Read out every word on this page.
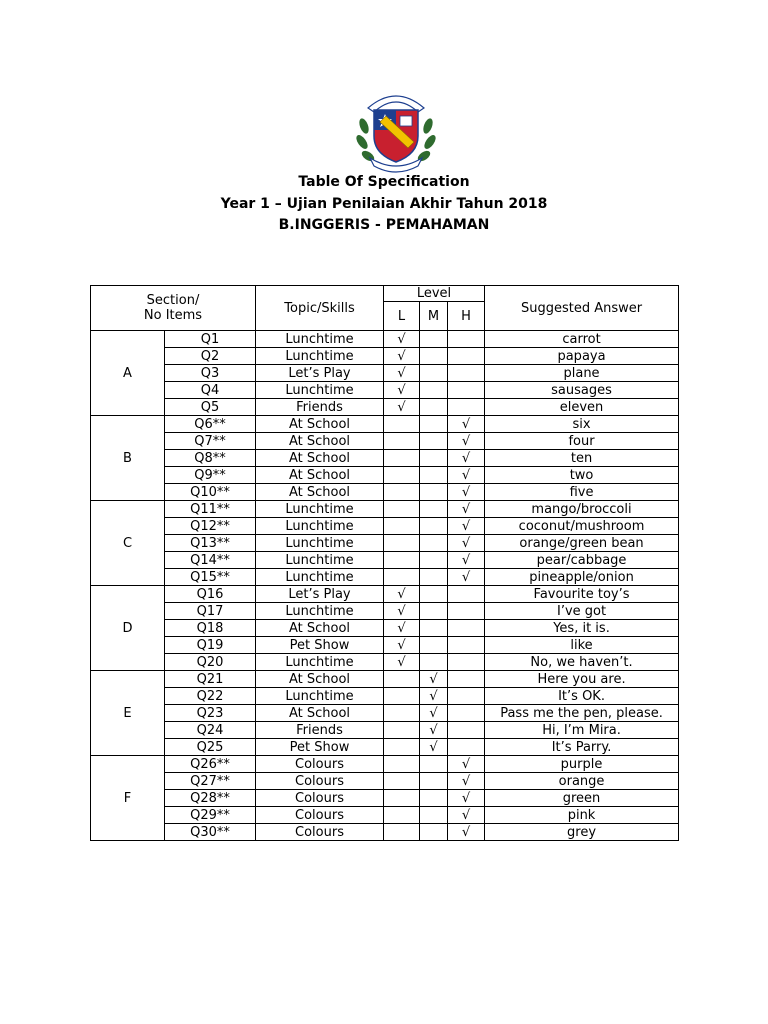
Table Of Specification
Year 1 – Ujian Penilaian Akhir Tahun 2018
B.INGGERIS - PEMAHAMAN
Section/
No Items		Topic/Skills	Level			Suggested Answer
			L	M	H	
A	Q1	Lunchtime	√			carrot
	Q2	Lunchtime	√			papaya
	Q3	Let’s Play	√			plane
	Q4	Lunchtime	√			sausages
	Q5	Friends	√			eleven
B	Q6**	At School			√	six
	Q7**	At School			√	four
	Q8**	At School			√	ten
	Q9**	At School			√	two
	Q10**	At School			√	five
C	Q11**	Lunchtime			√	mango/broccoli
	Q12**	Lunchtime			√	coconut/mushroom
	Q13**	Lunchtime			√	orange/green bean
	Q14**	Lunchtime			√	pear/cabbage
	Q15**	Lunchtime			√	pineapple/onion
D	Q16	Let’s Play	√			Favourite toy’s
	Q17	Lunchtime	√			I’ve got
	Q18	At School	√			Yes, it is.
	Q19	Pet Show	√			like
	Q20	Lunchtime	√			No, we haven’t.
E	Q21	At School		√		Here you are.
	Q22	Lunchtime		√		It’s OK.
	Q23	At School		√		Pass me the pen, please.
	Q24	Friends		√		Hi, I’m Mira.
	Q25	Pet Show		√		It’s Parry.
F	Q26**	Colours			√	purple
	Q27**	Colours			√	orange
	Q28**	Colours			√	green
	Q29**	Colours			√	pink
	Q30**	Colours			√	grey
